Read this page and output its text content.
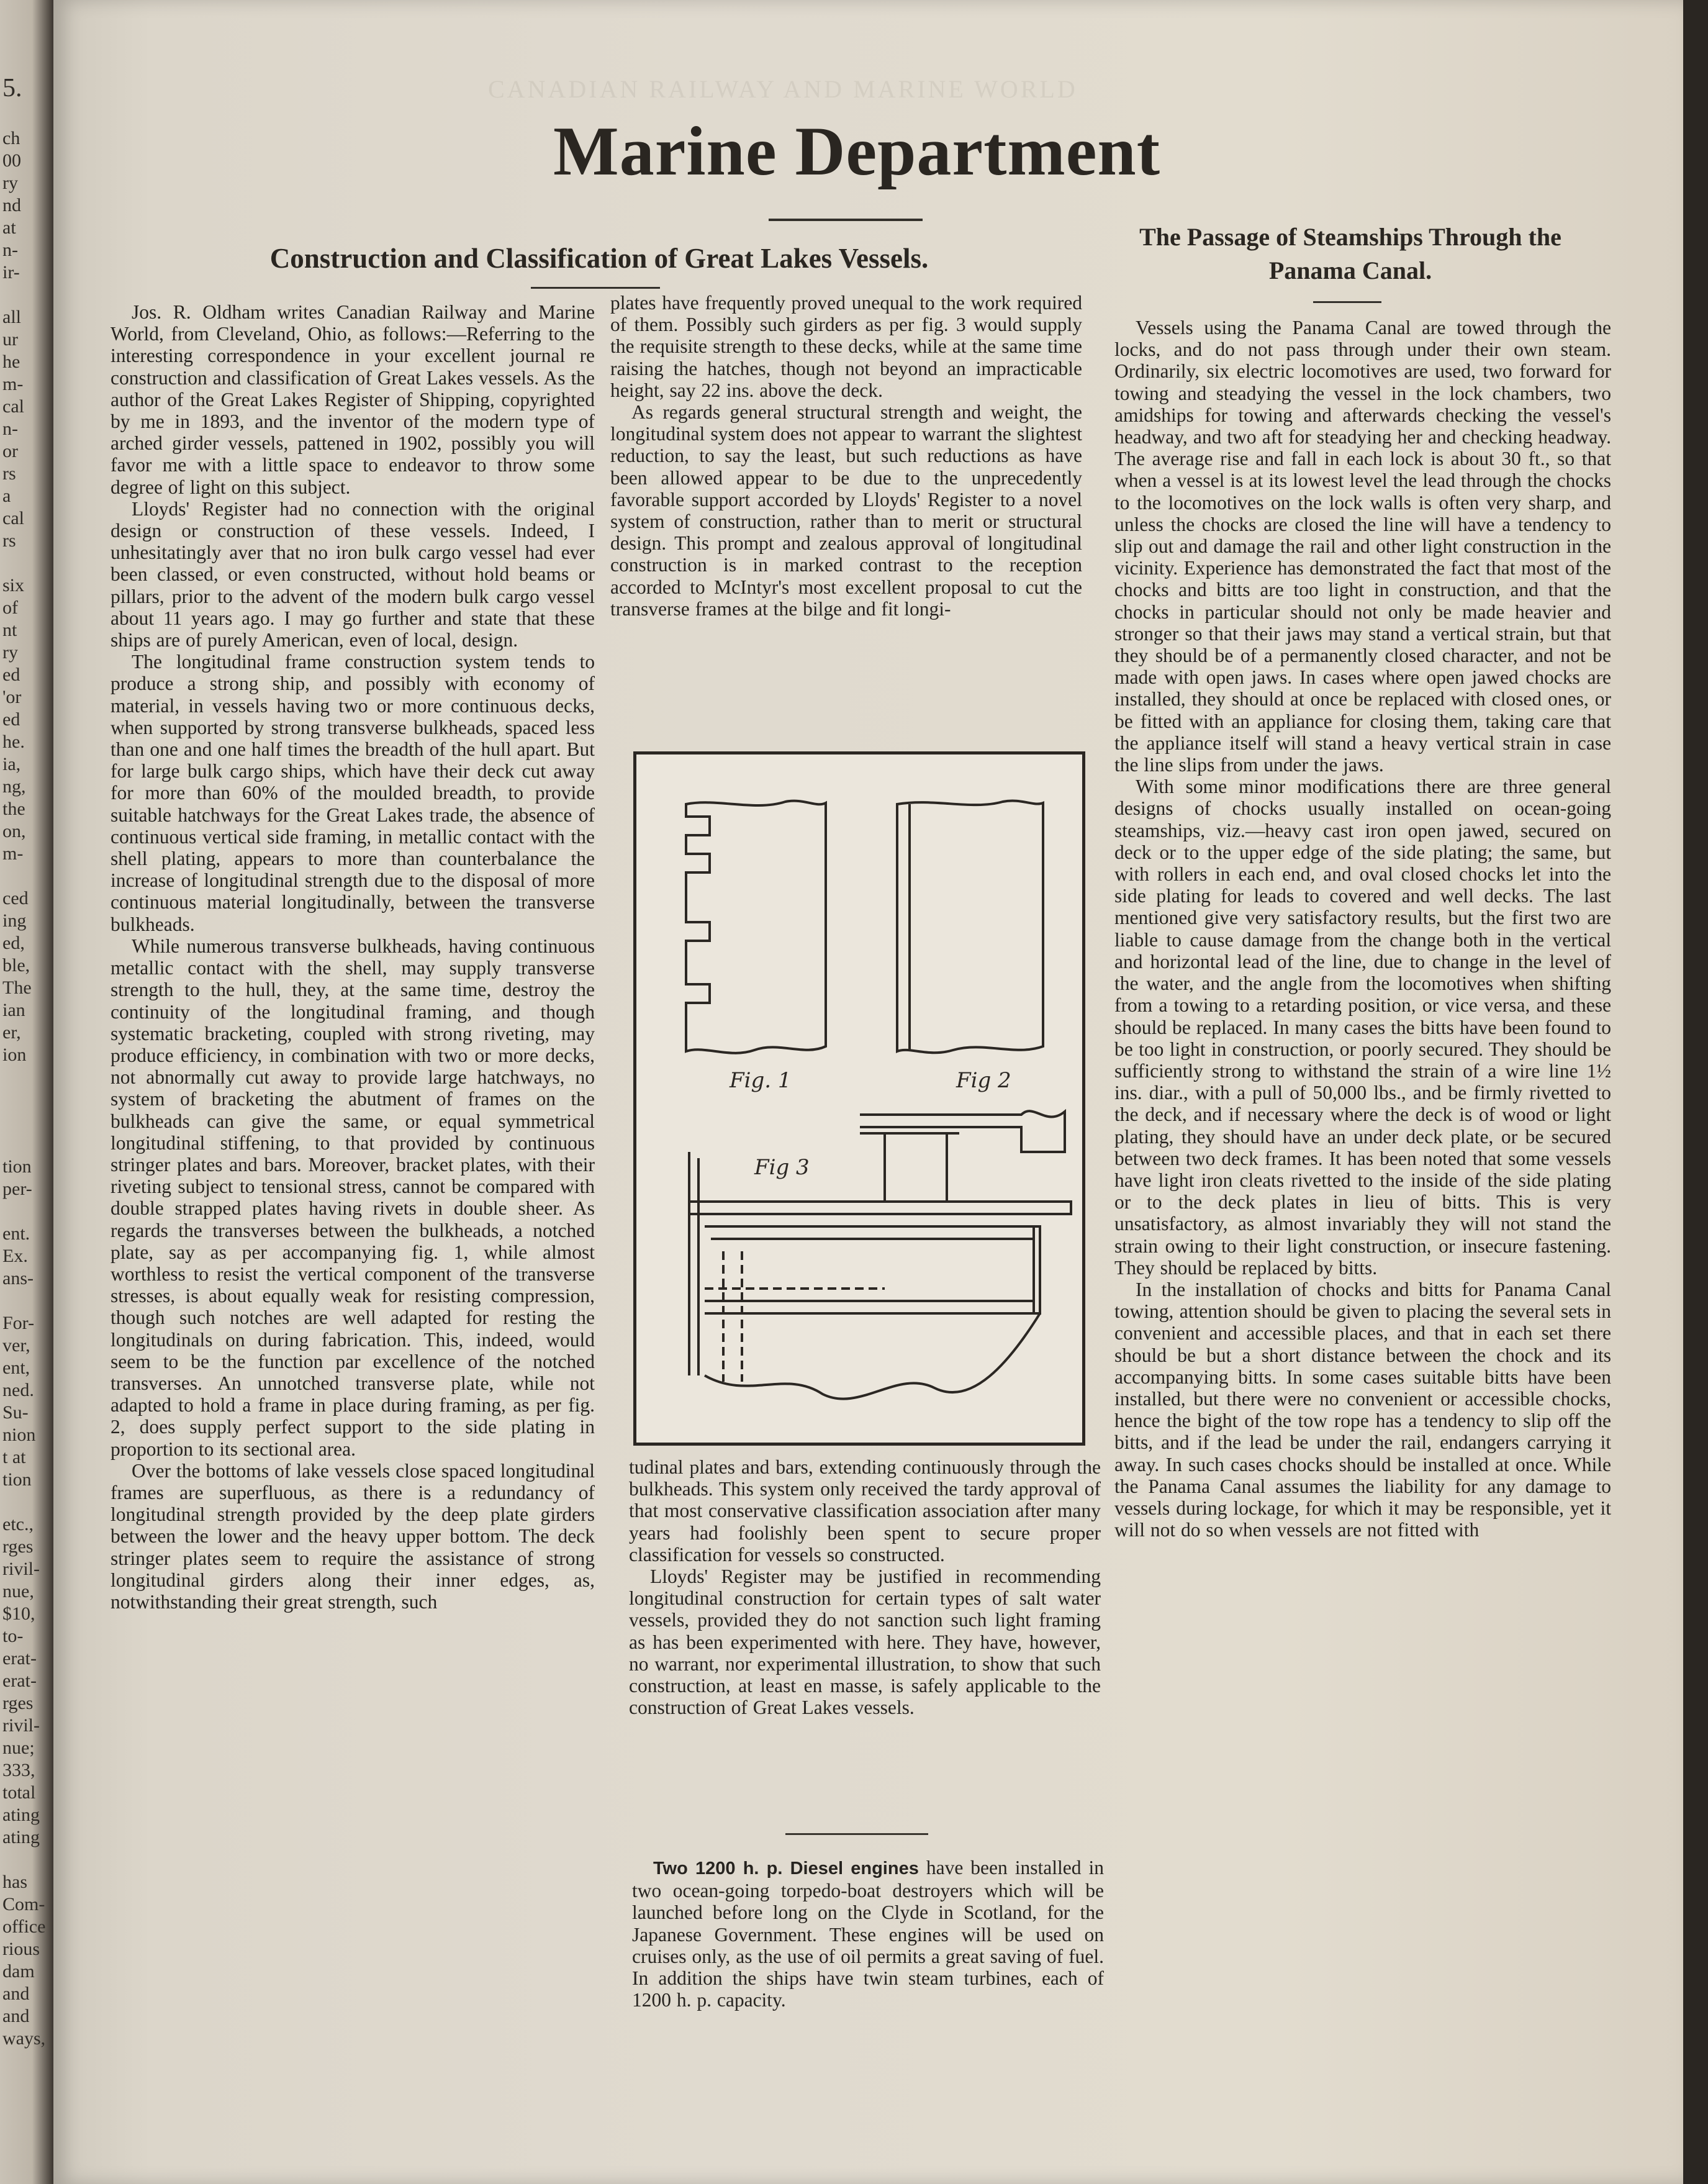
5.
ch
00
ry
nd
at
n-
ir-
all
ur
he
m-
cal
n-
or
rs
a
cal
rs
six
of
nt
ry
ed
'or
ed
he.
ia,
ng,
the
on,
m-
ced
ing
ed,
ble,
The
ian
er,
ion
tion
per-
ent.
Ex.
ans-
For-
ver,
ent,
ned.
Su-
nion
t at
tion
etc.,
rges
rivil-
nue,
$10,
to-
erat-
erat-
rges
rivil-
nue;
333,
total
ating
ating
has
Com-
office
rious
dam
and
and
ways,
CANADIAN RAILWAY AND MARINE WORLD
Marine Department
Construction and Classification of Great Lakes Vessels.

Jos. R. Oldham writes Canadian Railway and Marine World, from Cleveland, Ohio, as follows:—Referring to the interesting correspondence in your excellent journal re construction and classification of Great Lakes vessels. As the author of the Great Lakes Register of Shipping, copyrighted by me in 1893, and the inventor of the modern type of arched girder vessels, pattened in 1902, possibly you will favor me with a little space to endeavor to throw some degree of light on this subject.

Lloyds' Register had no connection with the original design or construction of these vessels. Indeed, I unhesitatingly aver that no iron bulk cargo vessel had ever been classed, or even constructed, without hold beams or pillars, prior to the advent of the modern bulk cargo vessel about 11 years ago. I may go further and state that these ships are of purely American, even of local, design.

The longitudinal frame construction system tends to produce a strong ship, and possibly with economy of material, in vessels having two or more continuous decks, when supported by strong transverse bulkheads, spaced less than one and one half times the breadth of the hull apart. But for large bulk cargo ships, which have their deck cut away for more than 60% of the moulded breadth, to provide suitable hatchways for the Great Lakes trade, the absence of continuous vertical side framing, in metallic contact with the shell plating, appears to more than counterbalance the increase of longitudinal strength due to the disposal of more continuous material longitudinally, between the transverse bulkheads.

While numerous transverse bulkheads, having continuous metallic contact with the shell, may supply transverse strength to the hull, they, at the same time, destroy the continuity of the longitudinal framing, and though systematic bracketing, coupled with strong riveting, may produce efficiency, in combination with two or more decks, not abnormally cut away to provide large hatchways, no system of bracketing the abutment of frames on the bulkheads can give the same, or equal symmetrical longitudinal stiffening, to that provided by continuous stringer plates and bars. Moreover, bracket plates, with their riveting subject to tensional stress, cannot be compared with double strapped plates having rivets in double sheer. As regards the transverses between the bulkheads, a notched plate, say as per accompanying fig. 1, while almost worthless to resist the vertical component of the transverse stresses, is about equally weak for resisting compression, though such notches are well adapted for resting the longitudinals on during fabrication. This, indeed, would seem to be the function par excellence of the notched transverses. An unnotched transverse plate, while not adapted to hold a frame in place during framing, as per fig. 2, does supply perfect support to the side plating in proportion to its sectional area.

Over the bottoms of lake vessels close spaced longitudinal frames are superfluous, as there is a redundancy of longitudinal strength provided by the deep plate girders between the lower and the heavy upper bottom. The deck stringer plates seem to require the assistance of strong longitudinal girders along their inner edges, as, notwithstanding their great strength, such

plates have frequently proved unequal to the work required of them. Possibly such girders as per fig. 3 would supply the requisite strength to these decks, while at the same time raising the hatches, though not beyond an impracticable height, say 22 ins. above the deck.

As regards general structural strength and weight, the longitudinal system does not appear to warrant the slightest reduction, to say the least, but such reductions as have been allowed appear to be due to the unprecedently favorable support accorded by Lloyds' Register to a novel system of construction, rather than to merit or structural design. This prompt and zealous approval of longitudinal construction is in marked contrast to the reception accorded to McIntyr's most excellent proposal to cut the transverse frames at the bilge and fit longi-

Fig. 1	Fig 2
Fig 3

tudinal plates and bars, extending continuously through the bulkheads. This system only received the tardy approval of that most conservative classification association after many years had foolishly been spent to secure proper classification for vessels so constructed.

Lloyds' Register may be justified in recommending longitudinal construction for certain types of salt water vessels, provided they do not sanction such light framing as has been experimented with here. They have, however, no warrant, nor experimental illustration, to show that such construction, at least en masse, is safely applicable to the construction of Great Lakes vessels.

Two 1200 h. p. Diesel engines have been installed in two ocean-going torpedo-boat destroyers which will be launched before long on the Clyde in Scotland, for the Japanese Government. These engines will be used on cruises only, as the use of oil permits a great saving of fuel. In addition the ships have twin steam turbines, each of 1200 h. p. capacity.

The Passage of Steamships Through the Panama Canal.

Vessels using the Panama Canal are towed through the locks, and do not pass through under their own steam. Ordinarily, six electric locomotives are used, two forward for towing and steadying the vessel in the lock chambers, two amidships for towing and afterwards checking the vessel's headway, and two aft for steadying her and checking headway. The average rise and fall in each lock is about 30 ft., so that when a vessel is at its lowest level the lead through the chocks to the locomotives on the lock walls is often very sharp, and unless the chocks are closed the line will have a tendency to slip out and damage the rail and other light construction in the vicinity. Experience has demonstrated the fact that most of the chocks and bitts are too light in construction, and that the chocks in particular should not only be made heavier and stronger so that their jaws may stand a vertical strain, but that they should be of a permanently closed character, and not be made with open jaws. In cases where open jawed chocks are installed, they should at once be replaced with closed ones, or be fitted with an appliance for closing them, taking care that the appliance itself will stand a heavy vertical strain in case the line slips from under the jaws.

With some minor modifications there are three general designs of chocks usually installed on ocean-going steamships, viz.—heavy cast iron open jawed, secured on deck or to the upper edge of the side plating; the same, but with rollers in each end, and oval closed chocks let into the side plating for leads to covered and well decks. The last mentioned give very satisfactory results, but the first two are liable to cause damage from the change both in the vertical and horizontal lead of the line, due to change in the level of the water, and the angle from the locomotives when shifting from a towing to a retarding position, or vice versa, and these should be replaced. In many cases the bitts have been found to be too light in construction, or poorly secured. They should be sufficiently strong to withstand the strain of a wire line 1½ ins. diar., with a pull of 50,000 lbs., and be firmly rivetted to the deck, and if necessary where the deck is of wood or light plating, they should have an under deck plate, or be secured between two deck frames. It has been noted that some vessels have light iron cleats rivetted to the inside of the side plating or to the deck plates in lieu of bitts. This is very unsatisfactory, as almost invariably they will not stand the strain owing to their light construction, or insecure fastening. They should be replaced by bitts.

In the installation of chocks and bitts for Panama Canal towing, attention should be given to placing the several sets in convenient and accessible places, and that in each set there should be but a short distance between the chock and its accompanying bitts. In some cases suitable bitts have been installed, but there were no convenient or accessible chocks, hence the bight of the tow rope has a tendency to slip off the bitts, and if the lead be under the rail, endangers carrying it away. In such cases chocks should be installed at once. While the Panama Canal assumes the liability for any damage to vessels during lockage, for which it may be responsible, yet it will not do so when vessels are not fitted with
